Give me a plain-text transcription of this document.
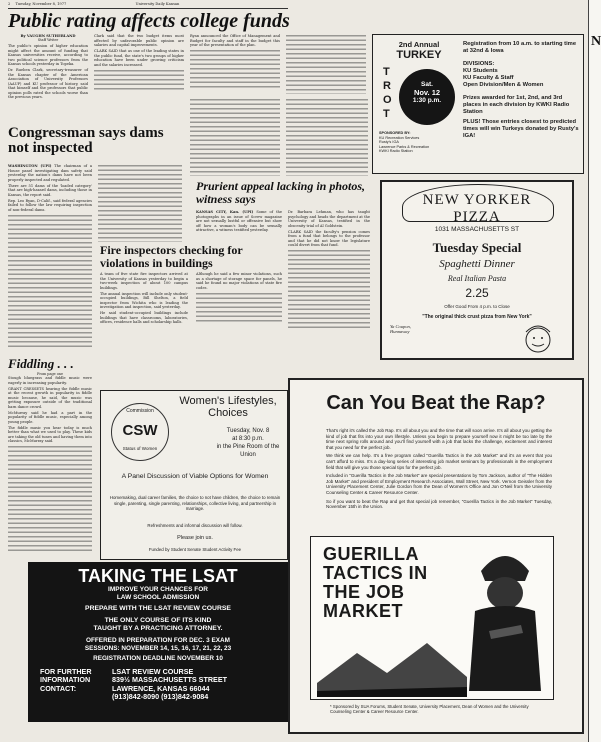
2 Tuesday, November 8, 1977	University Daily Kansan
Public rating affects college funds
By VAUGHN SUTHERLAND
Staff Writer

The public's opinion of higher education might affect the amount of funding that Kansas universities receive, according to two political science professors from the Kansas schools yesterday in Topeka.

Dr. Rueben Clark, secretary-treasurer of the Kansas chapter of the American Association of University Professors (AAUP) and KU professor of history, said that himself and the professors that public opinion polls rated the schools worse than the previous years.

Clark said that the two budget items most affected by unfavorable public opinion are salaries and capital improvements.

CLARK SAID that as one of the leading states in the public fund, the state's two groups of higher education have been under growing criticism and the salaries increased.

Ryan announced the Office of Management and Budget for faculty and staff in the budget this year of the presentation of the plan.

Congressman says dams not inspected

WASHINGTON (UPI) The chairman of a House panel investigating dam safety said yesterday the nation's dams have not been properly inspected and regulated.

There are 51 dams of the 'loaded category' that are high-hazard dams, including those in Kansas, the report said.

Rep. Leo Ryan, D-Calif., said federal agencies failed to follow the law requiring inspection of non-federal dams.

Fire inspectors checking for violations in buildings

A team of five state fire inspectors arrived at the University of Kansas yesterday to begin a two-week inspection of about 100 campus buildings.

The annual inspection will include only student-occupied buildings, Bill Shelton, a field inspector from Wichita who is leading the investigation and inspection, said yesterday.

He said student-occupied buildings include buildings that have classrooms, laboratories, offices, residence halls and scholarship halls.

Although he said a few minor violations, such as a shortage of storage space for panels, he said he found no major violations of state fire codes.

Prurient appeal lacking in photos, witness says

KANSAS CITY, Kan. (UPI) Some of the photographs in an issue of Screw magazine are not sexually lustful or offensive but show off how a woman's body can be sexually attractive, a witness testified yesterday.

Dr. Barbara Lehman, who has taught psychology and heads the department at the University of Kansas, testified in the obscenity trial of Al Goldstein.

CLARK SAID the faculty's pension comes from a fund that belongs to the professor and that he did not know the legislature could divert from that fund.

Fiddling . . .
From page one

Stough bluegrass and fiddle music were eagerly in increasing popularity.

GRANT CRESSETS hearing the fiddle music at the recent growth in popularity in fiddle music because, he said, the music was getting exposure outside of the traditional barn dance crowd.

McMurray said he had a part in the popularity of fiddle music, especially among young people.

The fiddle music you hear today is much better than what we used to play. These kids are taking the old tunes and having them into classics, McMurray said.

Women's Lifestyles, Choices
Commission
CSW
Status of Women
Tuesday, Nov. 8
at 8:30 p.m.
in the Pine Room of the Union
A Panel Discussion of Viable Options for Women
Homemaking, dual career families, the choice to not have children, the choice to remain single, parenting, single parenting, relationships, collective living, and partnership in marriage.
Refreshments and informal discussion will follow.
Please join us.
Funded by Student Senate Student Activity Fee
TAKING THE LSAT
IMPROVE YOUR CHANCES FOR
LAW SCHOOL ADMISSION
PREPARE WITH THE LSAT REVIEW COURSE
THE ONLY COURSE OF ITS KIND
TAUGHT BY A PRACTICING ATTORNEY.
OFFERED IN PREPARATION FOR DEC. 3 EXAM
SESSIONS: NOVEMBER 14, 15, 16, 17, 21, 22, 23
REGISTRATION DEADLINE NOVEMBER 10
FOR FURTHER INFORMATION CONTACT:
LSAT REVIEW COURSE
839½ MASSACHUSETTS STREET
LAWRENCE, KANSAS 66044
(913)842-8090 (913)842-9084
2nd Annual
TURKEY
T
R
O
T
Sat.
Nov. 12
1:30 p.m.
SPONSORED BY:
KU Recreation Services
Rusty's IGA
Lawrence Parks & Recreation
KWKI Radio Station
Registration from 10 a.m. to starting time at 32nd & Iowa
DIVISIONS:
KU Students
KU Faculty & Staff
Open Division/Men & Women
Prizes awarded for 1st, 2nd, and 3rd places in each division by KWKI Radio Station
PLUS! Those entries closest to predicted times will win Turkeys donated by Rusty's IGA!
NEW YORKER PIZZA
1031 MASSACHUSETTS ST
Tuesday Special
Spaghetti Dinner
Real Italian Pasta
2.25
Offer Good From 4 p.m. to Close
"The original thick crust pizza from New York"
Ya Coupon, Hunnaway
Can You Beat the Rap?

That's right it's called the Job Rap. It's all about you and the time that will soon arrive. It's all about you getting the kind of job that fits into your own lifestyle. Unless you begin to prepare yourself now it might be too late by the time next spring rolls around and you'll find yourself with a job that lacks the challenge, excitement and interest that you need for the perfect job.

We think we can help. It's a free program called "Guerilla Tactics in the Job Market" and it's an event that you can't afford to miss. It's a day-long series of interesting job market seminars by professionals in the employment field that will give you those special tips for the perfect job.

Included in "Guerilla Tactics in the Job Market" are special presentations by Tom Jackson, author of "The Hidden Job Market" and president of Employment Research Associates, Wall Street, New York. Vernon Geissler from the University Placement Center, Julie Gordon from the Dean of Women's Office and Jon O'Neil from the University Counseling Center & Career Resource Center.

So if you want to beat the Rap and get that special job remember, "Guerilla Tactics in the Job Market" Tuesday, November 15th in the Union.

GUERILLA TACTICS IN THE JOB MARKET
* Sponsored by SUA Forums, Student Senate, University Placement, Dean of Women and the University Counseling Center & Career Resource Center.
N
